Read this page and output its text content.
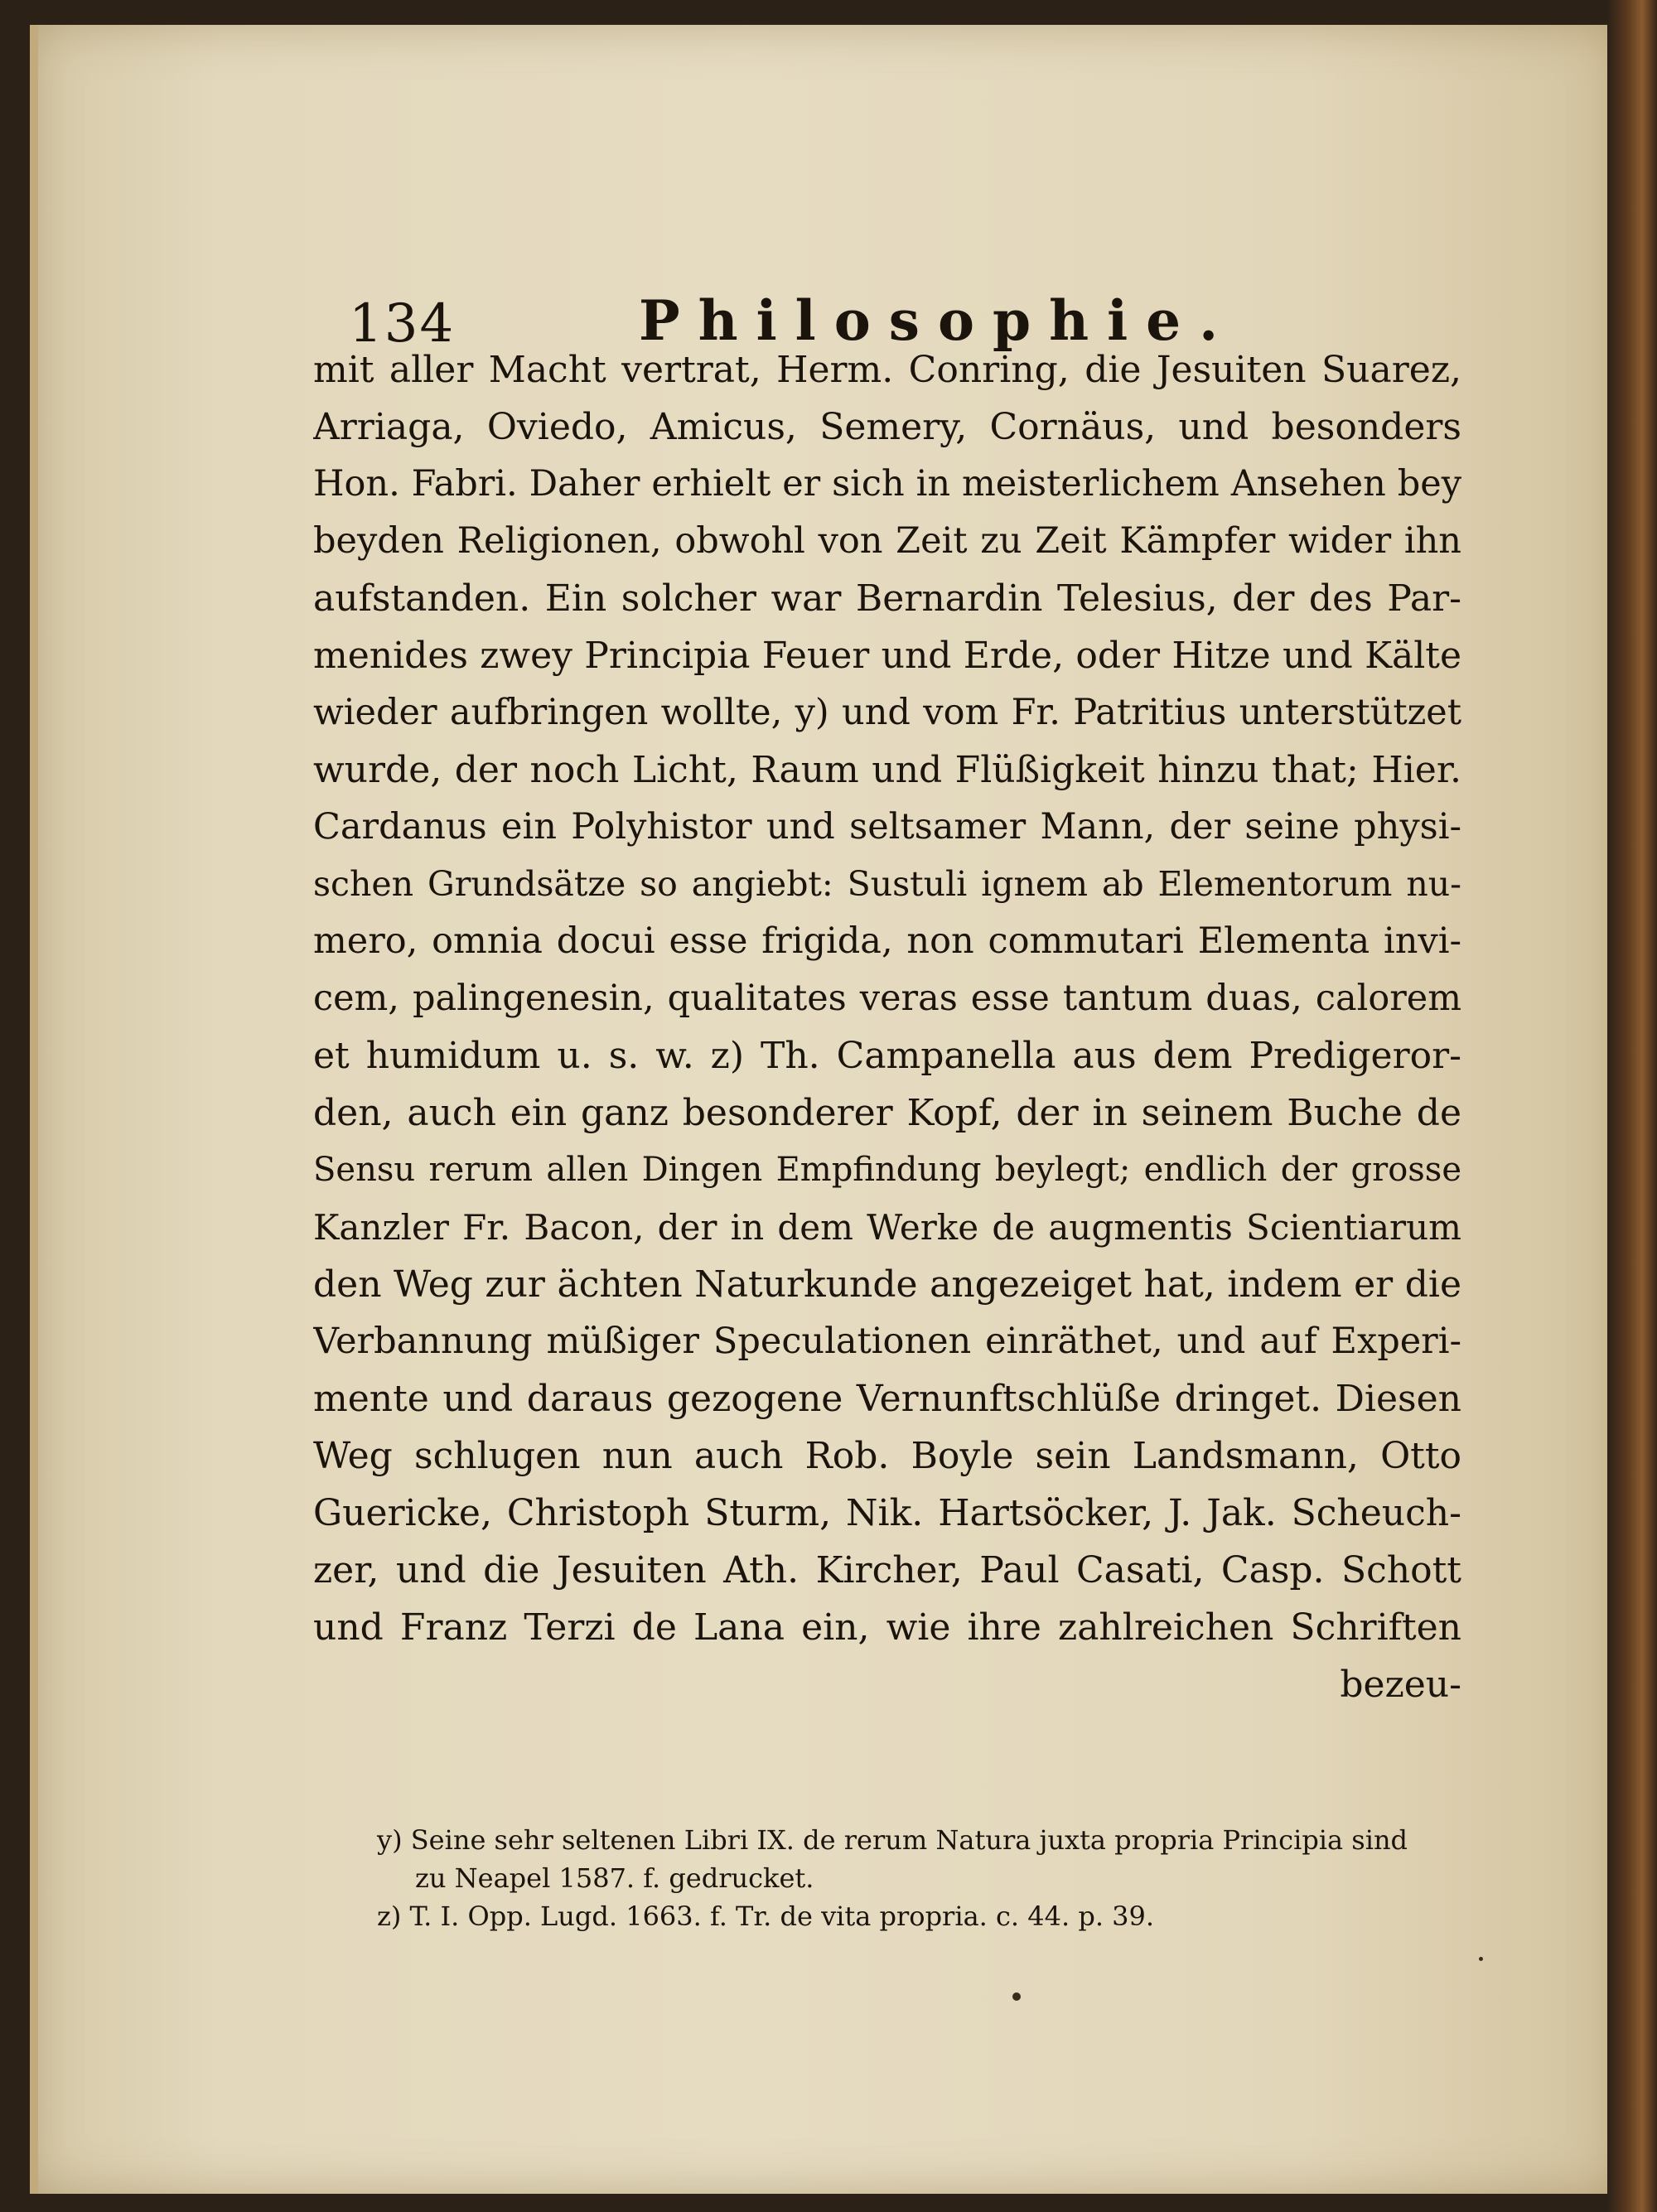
134	Philosophie.
mit aller Macht vertrat, Herm. Conring, die Jesuiten Suarez,
Arriaga, Oviedo, Amicus, Semery, Cornäus, und besonders
Hon. Fabri. Daher erhielt er sich in meisterlichem Ansehen bey
beyden Religionen, obwohl von Zeit zu Zeit Kämpfer wider ihn
aufstanden. Ein solcher war Bernardin Telesius, der des Par-
menides zwey Principia Feuer und Erde, oder Hitze und Kälte
wieder aufbringen wollte, y) und vom Fr. Patritius unterstützet
wurde, der noch Licht, Raum und Flüßigkeit hinzu that; Hier.
Cardanus ein Polyhistor und seltsamer Mann, der seine physi-
schen Grundsätze so angiebt: Sustuli ignem ab Elementorum nu-
mero, omnia docui esse frigida, non commutari Elementa invi-
cem, palingenesin, qualitates veras esse tantum duas, calorem
et humidum u. s. w. z) Th. Campanella aus dem Predigeror-
den, auch ein ganz besonderer Kopf, der in seinem Buche de
Sensu rerum allen Dingen Empfindung beylegt; endlich der grosse
Kanzler Fr. Bacon, der in dem Werke de augmentis Scientiarum
den Weg zur ächten Naturkunde angezeiget hat, indem er die
Verbannung müßiger Speculationen einräthet, und auf Experi-
mente und daraus gezogene Vernunftschlüße dringet. Diesen
Weg schlugen nun auch Rob. Boyle sein Landsmann, Otto
Guericke, Christoph Sturm, Nik. Hartsöcker, J. Jak. Scheuch-
zer, und die Jesuiten Ath. Kircher, Paul Casati, Casp. Schott
und Franz Terzi de Lana ein, wie ihre zahlreichen Schriften
bezeu-
y) Seine sehr seltenen Libri IX. de rerum Natura juxta propria Principia sind
zu Neapel 1587. f. gedrucket.
z) T. I. Opp. Lugd. 1663. f. Tr. de vita propria. c. 44. p. 39.
